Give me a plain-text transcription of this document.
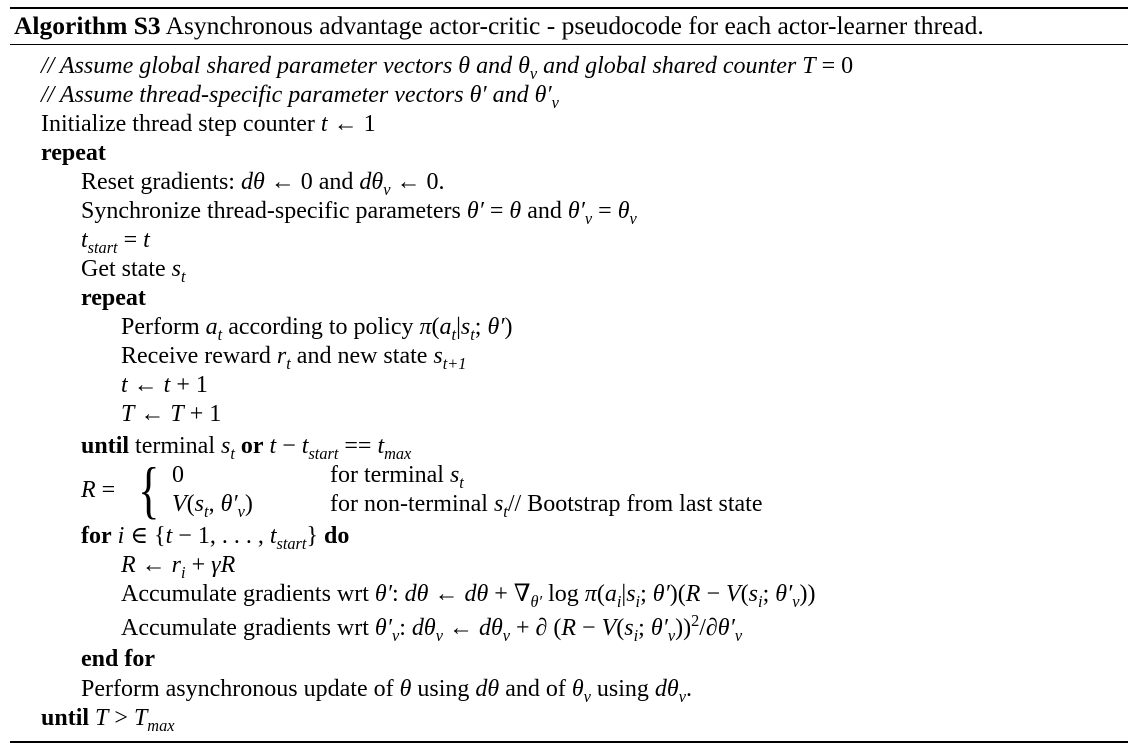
Algorithm S3 Asynchronous advantage actor-critic - pseudocode for each actor-learner thread.
// Assume global shared parameter vectors θ and $\theta_v$ and global shared counter T = 0
// Assume thread-specific parameter vectors θ′ and $\theta'_v$
Initialize thread step counter t ← 1
repeat
Reset gradients: dθ ← 0 and $d\theta_v$ ← 0.
Synchronize thread-specific parameters θ′ = θ and $\theta'_v = \theta_v$
$t_{start} = t$
Get state $s_t$
repeat
Perform $a_t$ according to policy $\pi(a_t|s_t$; θ′)
Receive reward $r_t$ and new state $s_{t+1}$
t ← t + 1
T ← T + 1
until terminal $s_t$ or $t - t_{start} == t_{max}$
R = { 0	for terminal $s_t$
$V(s_t$, $\theta'_v$)	for non-terminal $s_t//$ Bootstrap from last state
for i ∈ {t − 1, . . . , $t_{start}$} do
R ← $r_i + \gamma R$
Accumulate gradients wrt θ′: dθ ← $d\theta + \nabla_{\theta'}$ $\log \pi(a_i|s_i$; $\theta')(R - V(s_i$; $\theta'_v$))
Accumulate gradients wrt $\theta'_v$: $d\theta_v$ ← $d\theta_v$ + ∂ ($R - V(s_i$; $\theta'_v))^2/\partial\theta'_v$
end for
Perform asynchronous update of θ using dθ and of $\theta_v$ using $d\theta_v$.
until $T > T_{max}$
